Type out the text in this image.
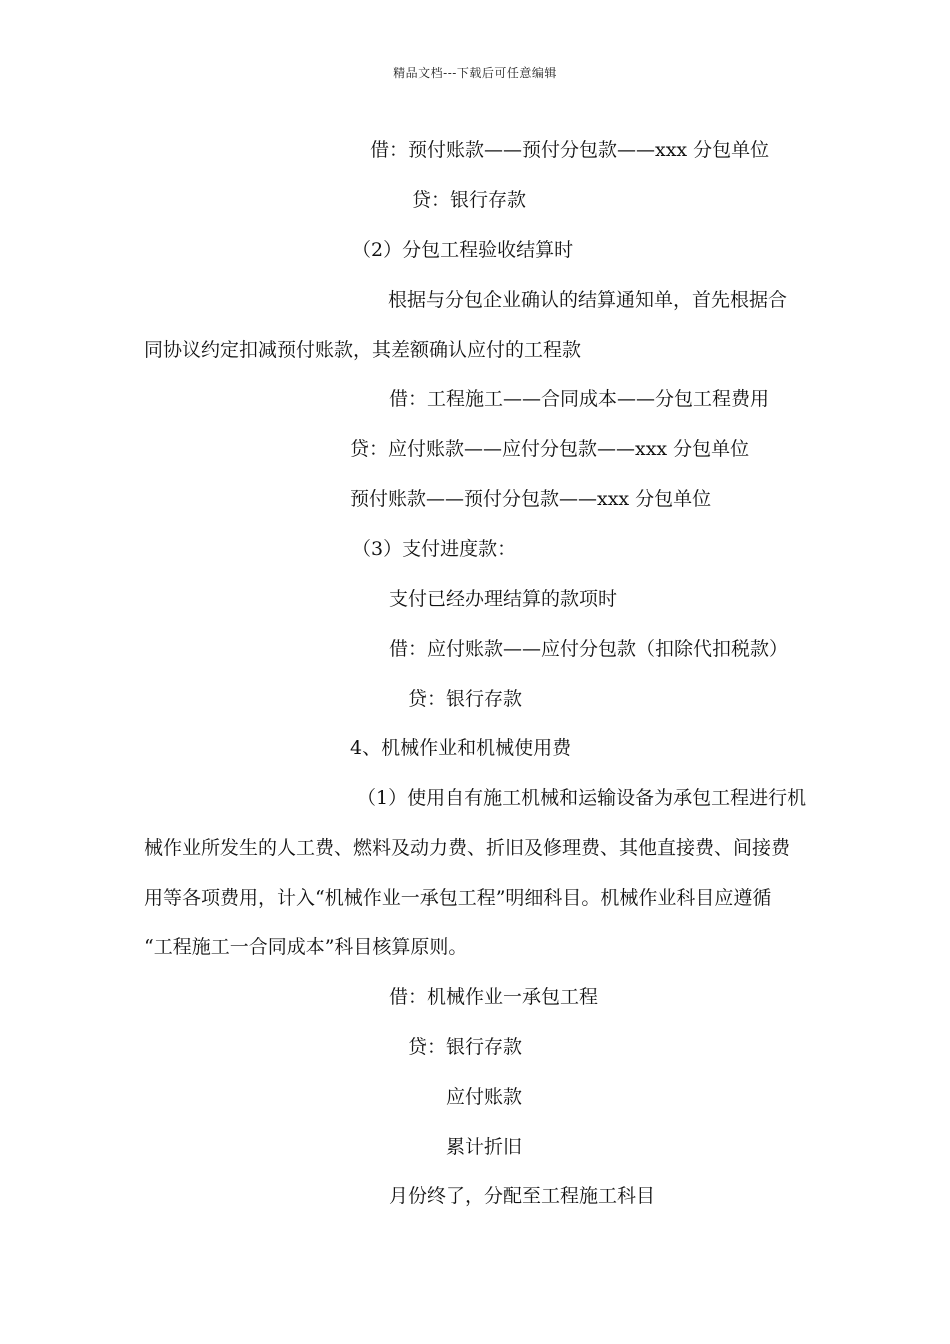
精品文档---下载后可任意编辑
借：预付账款——预付分包款——xxx 分包单位
贷：银行存款
（2）分包工程验收结算时
根据与分包企业确认的结算通知单，首先根据合
同协议约定扣减预付账款，其差额确认应付的工程款
借：工程施工——合同成本——分包工程费用
贷：应付账款——应付分包款——xxx 分包单位
预付账款——预付分包款——xxx 分包单位
（3）支付进度款：
支付已经办理结算的款项时
借：应付账款——应付分包款（扣除代扣税款）
贷：银行存款
4、机械作业和机械使用费
（1）使用自有施工机械和运输设备为承包工程进行机
械作业所发生的人工费、燃料及动力费、折旧及修理费、其他直接费、间接费
用等各项费用，计入“机械作业一承包工程”明细科目。机械作业科目应遵循
“工程施工一合同成本”科目核算原则。
借：机械作业一承包工程
贷：银行存款
应付账款
累计折旧
月份终了，分配至工程施工科目
